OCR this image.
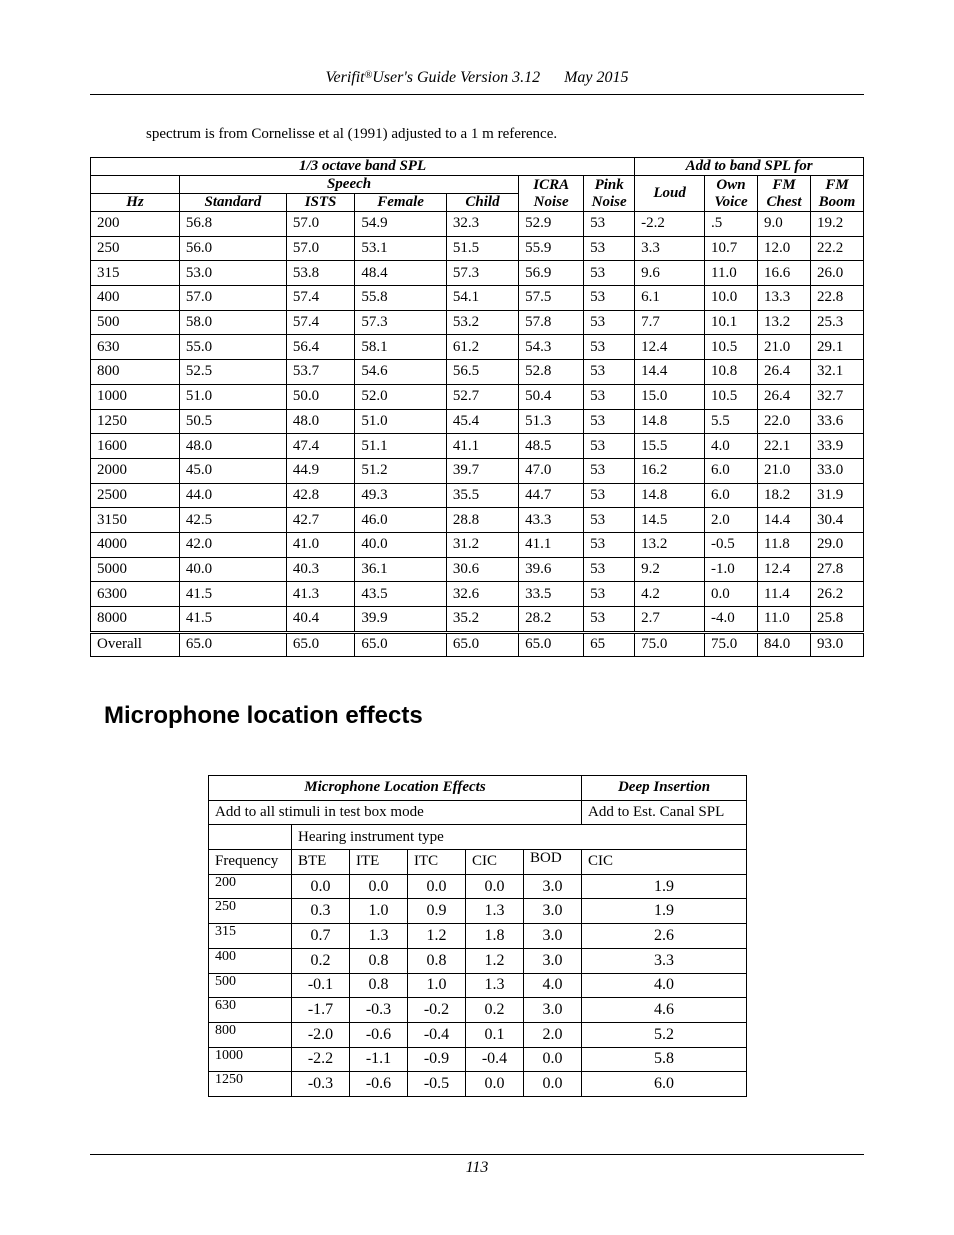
Verifit®User's Guide Version 3.12 May 2015
spectrum is from Cornelisse et al (1991) adjusted to a 1 m reference.
1/3 octave band SPL							Add to band SPL for			
	Speech				ICRA Noise	Pink Noise	Loud	Own Voice	FM Chest	FM Boom
Hz	Standard	ISTS	Female	Child						
200	56.8	57.0	54.9	32.3	52.9	53	-2.2	.5	9.0	19.2
250	56.0	57.0	53.1	51.5	55.9	53	3.3	10.7	12.0	22.2
315	53.0	53.8	48.4	57.3	56.9	53	9.6	11.0	16.6	26.0
400	57.0	57.4	55.8	54.1	57.5	53	6.1	10.0	13.3	22.8
500	58.0	57.4	57.3	53.2	57.8	53	7.7	10.1	13.2	25.3
630	55.0	56.4	58.1	61.2	54.3	53	12.4	10.5	21.0	29.1
800	52.5	53.7	54.6	56.5	52.8	53	14.4	10.8	26.4	32.1
1000	51.0	50.0	52.0	52.7	50.4	53	15.0	10.5	26.4	32.7
1250	50.5	48.0	51.0	45.4	51.3	53	14.8	5.5	22.0	33.6
1600	48.0	47.4	51.1	41.1	48.5	53	15.5	4.0	22.1	33.9
2000	45.0	44.9	51.2	39.7	47.0	53	16.2	6.0	21.0	33.0
2500	44.0	42.8	49.3	35.5	44.7	53	14.8	6.0	18.2	31.9
3150	42.5	42.7	46.0	28.8	43.3	53	14.5	2.0	14.4	30.4
4000	42.0	41.0	40.0	31.2	41.1	53	13.2	-0.5	11.8	29.0
5000	40.0	40.3	36.1	30.6	39.6	53	9.2	-1.0	12.4	27.8
6300	41.5	41.3	43.5	32.6	33.5	53	4.2	0.0	11.4	26.2
8000	41.5	40.4	39.9	35.2	28.2	53	2.7	-4.0	11.0	25.8
Overall	65.0	65.0	65.0	65.0	65.0	65	75.0	75.0	84.0	93.0
Microphone location effects
Microphone Location Effects						Deep Insertion
Add to all stimuli in test box mode						Add to Est. Canal SPL
	Hearing instrument type					
Frequency	BTE	ITE	ITC	CIC	BOD	CIC
200	0.0	0.0	0.0	0.0	3.0	1.9
250	0.3	1.0	0.9	1.3	3.0	1.9
315	0.7	1.3	1.2	1.8	3.0	2.6
400	0.2	0.8	0.8	1.2	3.0	3.3
500	-0.1	0.8	1.0	1.3	4.0	4.0
630	-1.7	-0.3	-0.2	0.2	3.0	4.6
800	-2.0	-0.6	-0.4	0.1	2.0	5.2
1000	-2.2	-1.1	-0.9	-0.4	0.0	5.8
1250	-0.3	-0.6	-0.5	0.0	0.0	6.0
113
